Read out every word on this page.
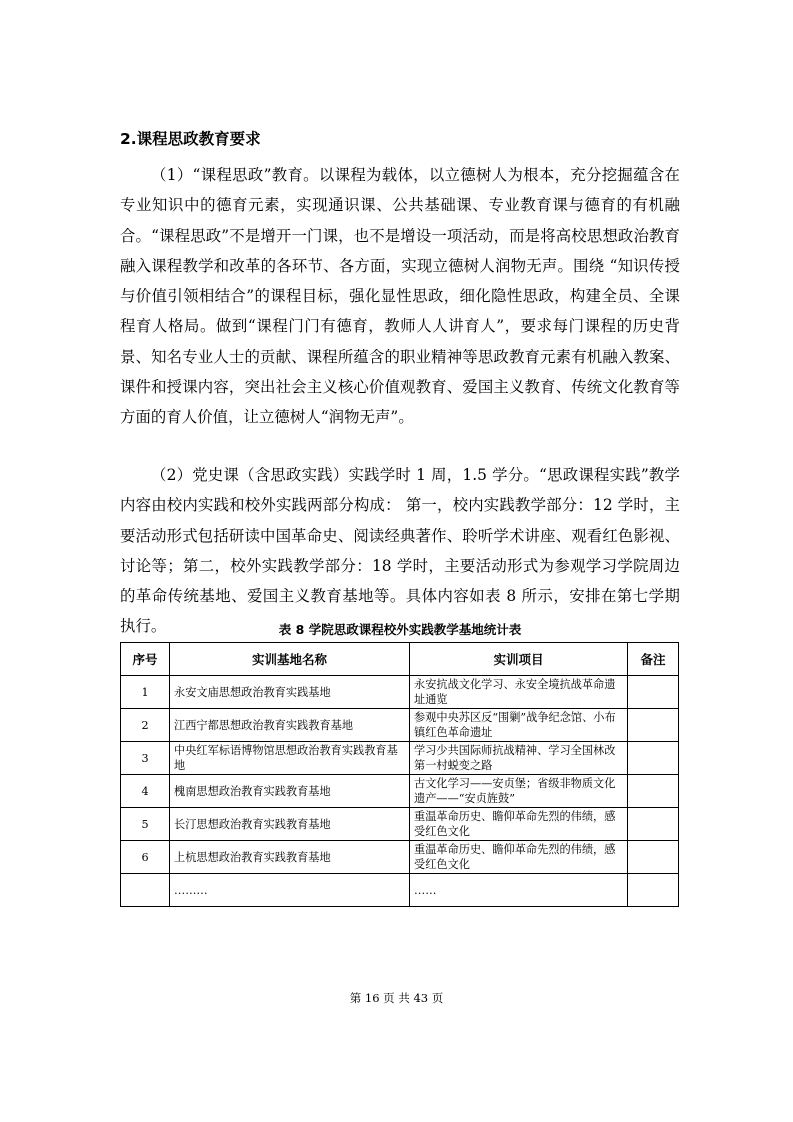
2.课程思政教育要求

（1）“课程思政”教育。以课程为载体，以立德树人为根本，充分挖掘蕴含在专业知识中的德育元素，实现通识课、公共基础课、专业教育课与德育的有机融合。“课程思政”不是增开一门课，也不是增设一项活动，而是将高校思想政治教育融入课程教学和改革的各环节、各方面，实现立德树人润物无声。围绕 “知识传授与价值引领相结合”的课程目标，强化显性思政，细化隐性思政，构建全员、全课程育人格局。做到“课程门门有德育，教师人人讲育人”，要求每门课程的历史背景、知名专业人士的贡献、课程所蕴含的职业精神等思政教育元素有机融入教案、课件和授课内容，突出社会主义核心价值观教育、爱国主义教育、传统文化教育等方面的育人价值，让立德树人“润物无声”。

（2）党史课（含思政实践）实践学时 1 周，1.5 学分。“思政课程实践”教学内容由校内实践和校外实践两部分构成： 第一，校内实践教学部分：12 学时，主要活动形式包括研读中国革命史、阅读经典著作、聆听学术讲座、观看红色影视、讨论等；第二，校外实践教学部分：18 学时，主要活动形式为参观学习学院周边的革命传统基地、爱国主义教育基地等。具体内容如表 8 所示，安排在第七学期执行。	表 8 学院思政课程校外实践教学基地统计表

序号	实训基地名称	实训项目	备注
1	永安文庙思想政治教育实践基地	永安抗战文化学习、永安全境抗战革命遗址通览	
2	江西宁都思想政治教育实践教育基地	参观中央苏区反“围剿”战争纪念馆、小布镇红色革命遗址	
3	中央红军标语博物馆思想政治教育实践教育基地	学习少共国际师抗战精神、学习全国林改第一村蜕变之路	
4	槐南思想政治教育实践教育基地	古文化学习——安贞堡；省级非物质文化遗产——“安贞旌鼓”	
5	长汀思想政治教育实践教育基地	重温革命历史、瞻仰革命先烈的伟绩，感受红色文化	
6	上杭思想政治教育实践教育基地	重温革命历史、瞻仰革命先烈的伟绩，感受红色文化	
	………	……	

第 16 页 共 43 页
